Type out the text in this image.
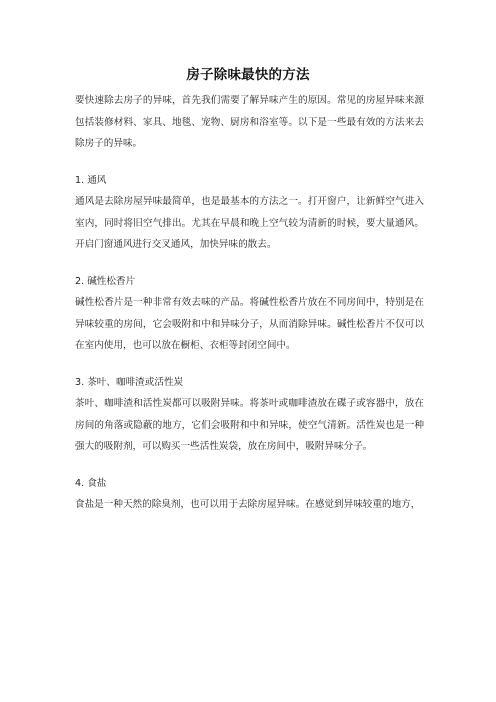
房子除味最快的方法

要快速除去房子的异味，首先我们需要了解异味产生的原因。常见的房屋异味来源包括装修材料、家具、地毯、宠物、厨房和浴室等。以下是一些最有效的方法来去除房子的异味。

1. 通风

通风是去除房屋异味最简单，也是最基本的方法之一。打开窗户，让新鲜空气进入室内，同时将旧空气排出。尤其在早晨和晚上空气较为清新的时候，要大量通风。开启门窗通风进行交叉通风，加快异味的散去。

2. 碱性松香片

碱性松香片是一种非常有效去味的产品。将碱性松香片放在不同房间中，特别是在异味较重的房间，它会吸附和中和异味分子，从而消除异味。碱性松香片不仅可以在室内使用，也可以放在橱柜、衣柜等封闭空间中。

3. 茶叶、咖啡渣或活性炭

茶叶、咖啡渣和活性炭都可以吸附异味。将茶叶或咖啡渣放在碟子或容器中，放在房间的角落或隐蔽的地方，它们会吸附和中和异味，使空气清新。活性炭也是一种强大的吸附剂，可以购买一些活性炭袋，放在房间中，吸附异味分子。

4. 食盐

食盐是一种天然的除臭剂，也可以用于去除房屋异味。在感觉到异味较重的地方，
